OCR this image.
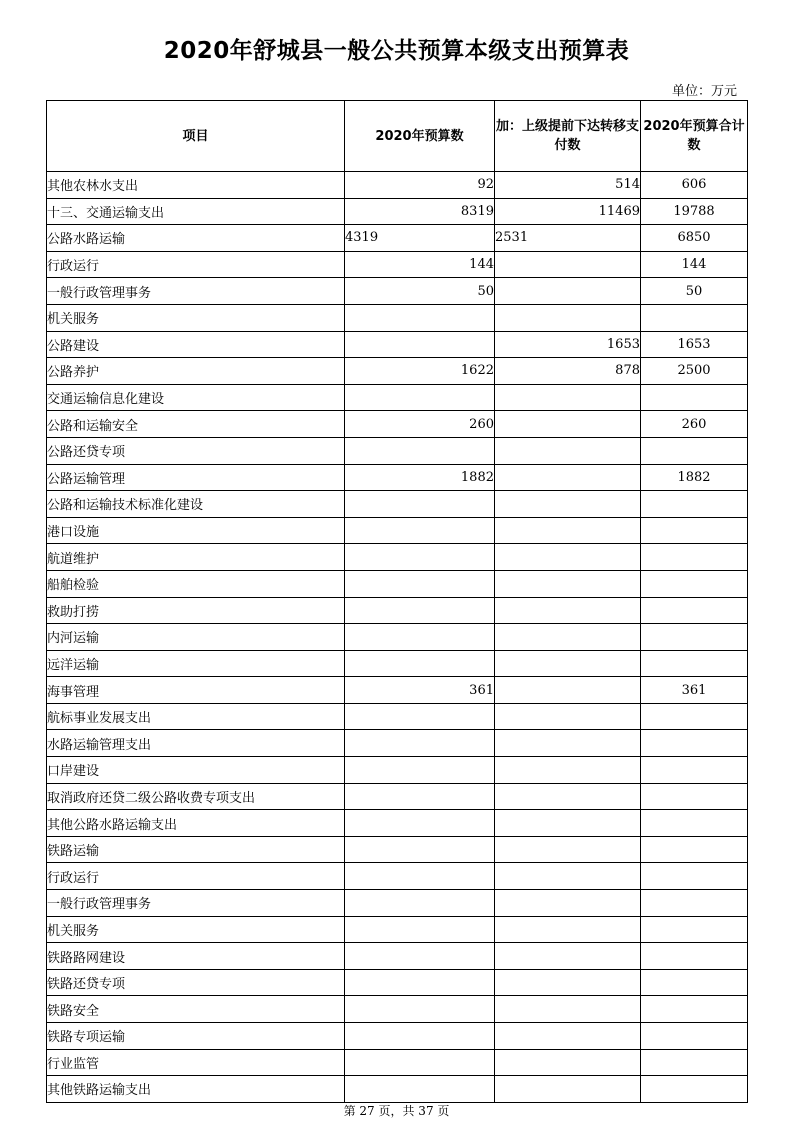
2020年舒城县一般公共预算本级支出预算表
单位：万元
项目	2020年预算数	加：上级提前下达转移支付数	2020年预算合计数
其他农林水支出	92	514	606
十三、交通运输支出	8319	11469	19788
公路水路运输	4319	2531	6850
行政运行	144		144
一般行政管理事务	50		50
机关服务			
公路建设		1653	1653
公路养护	1622	878	2500
交通运输信息化建设			
公路和运输安全	260		260
公路还贷专项			
公路运输管理	1882		1882
公路和运输技术标准化建设			
港口设施			
航道维护			
船舶检验			
救助打捞			
内河运输			
远洋运输			
海事管理	361		361
航标事业发展支出			
水路运输管理支出			
口岸建设			
取消政府还贷二级公路收费专项支出			
其他公路水路运输支出			
铁路运输			
行政运行			
一般行政管理事务			
机关服务			
铁路路网建设			
铁路还贷专项			
铁路安全			
铁路专项运输			
行业监管			
其他铁路运输支出			
第 27 页，共 37 页
